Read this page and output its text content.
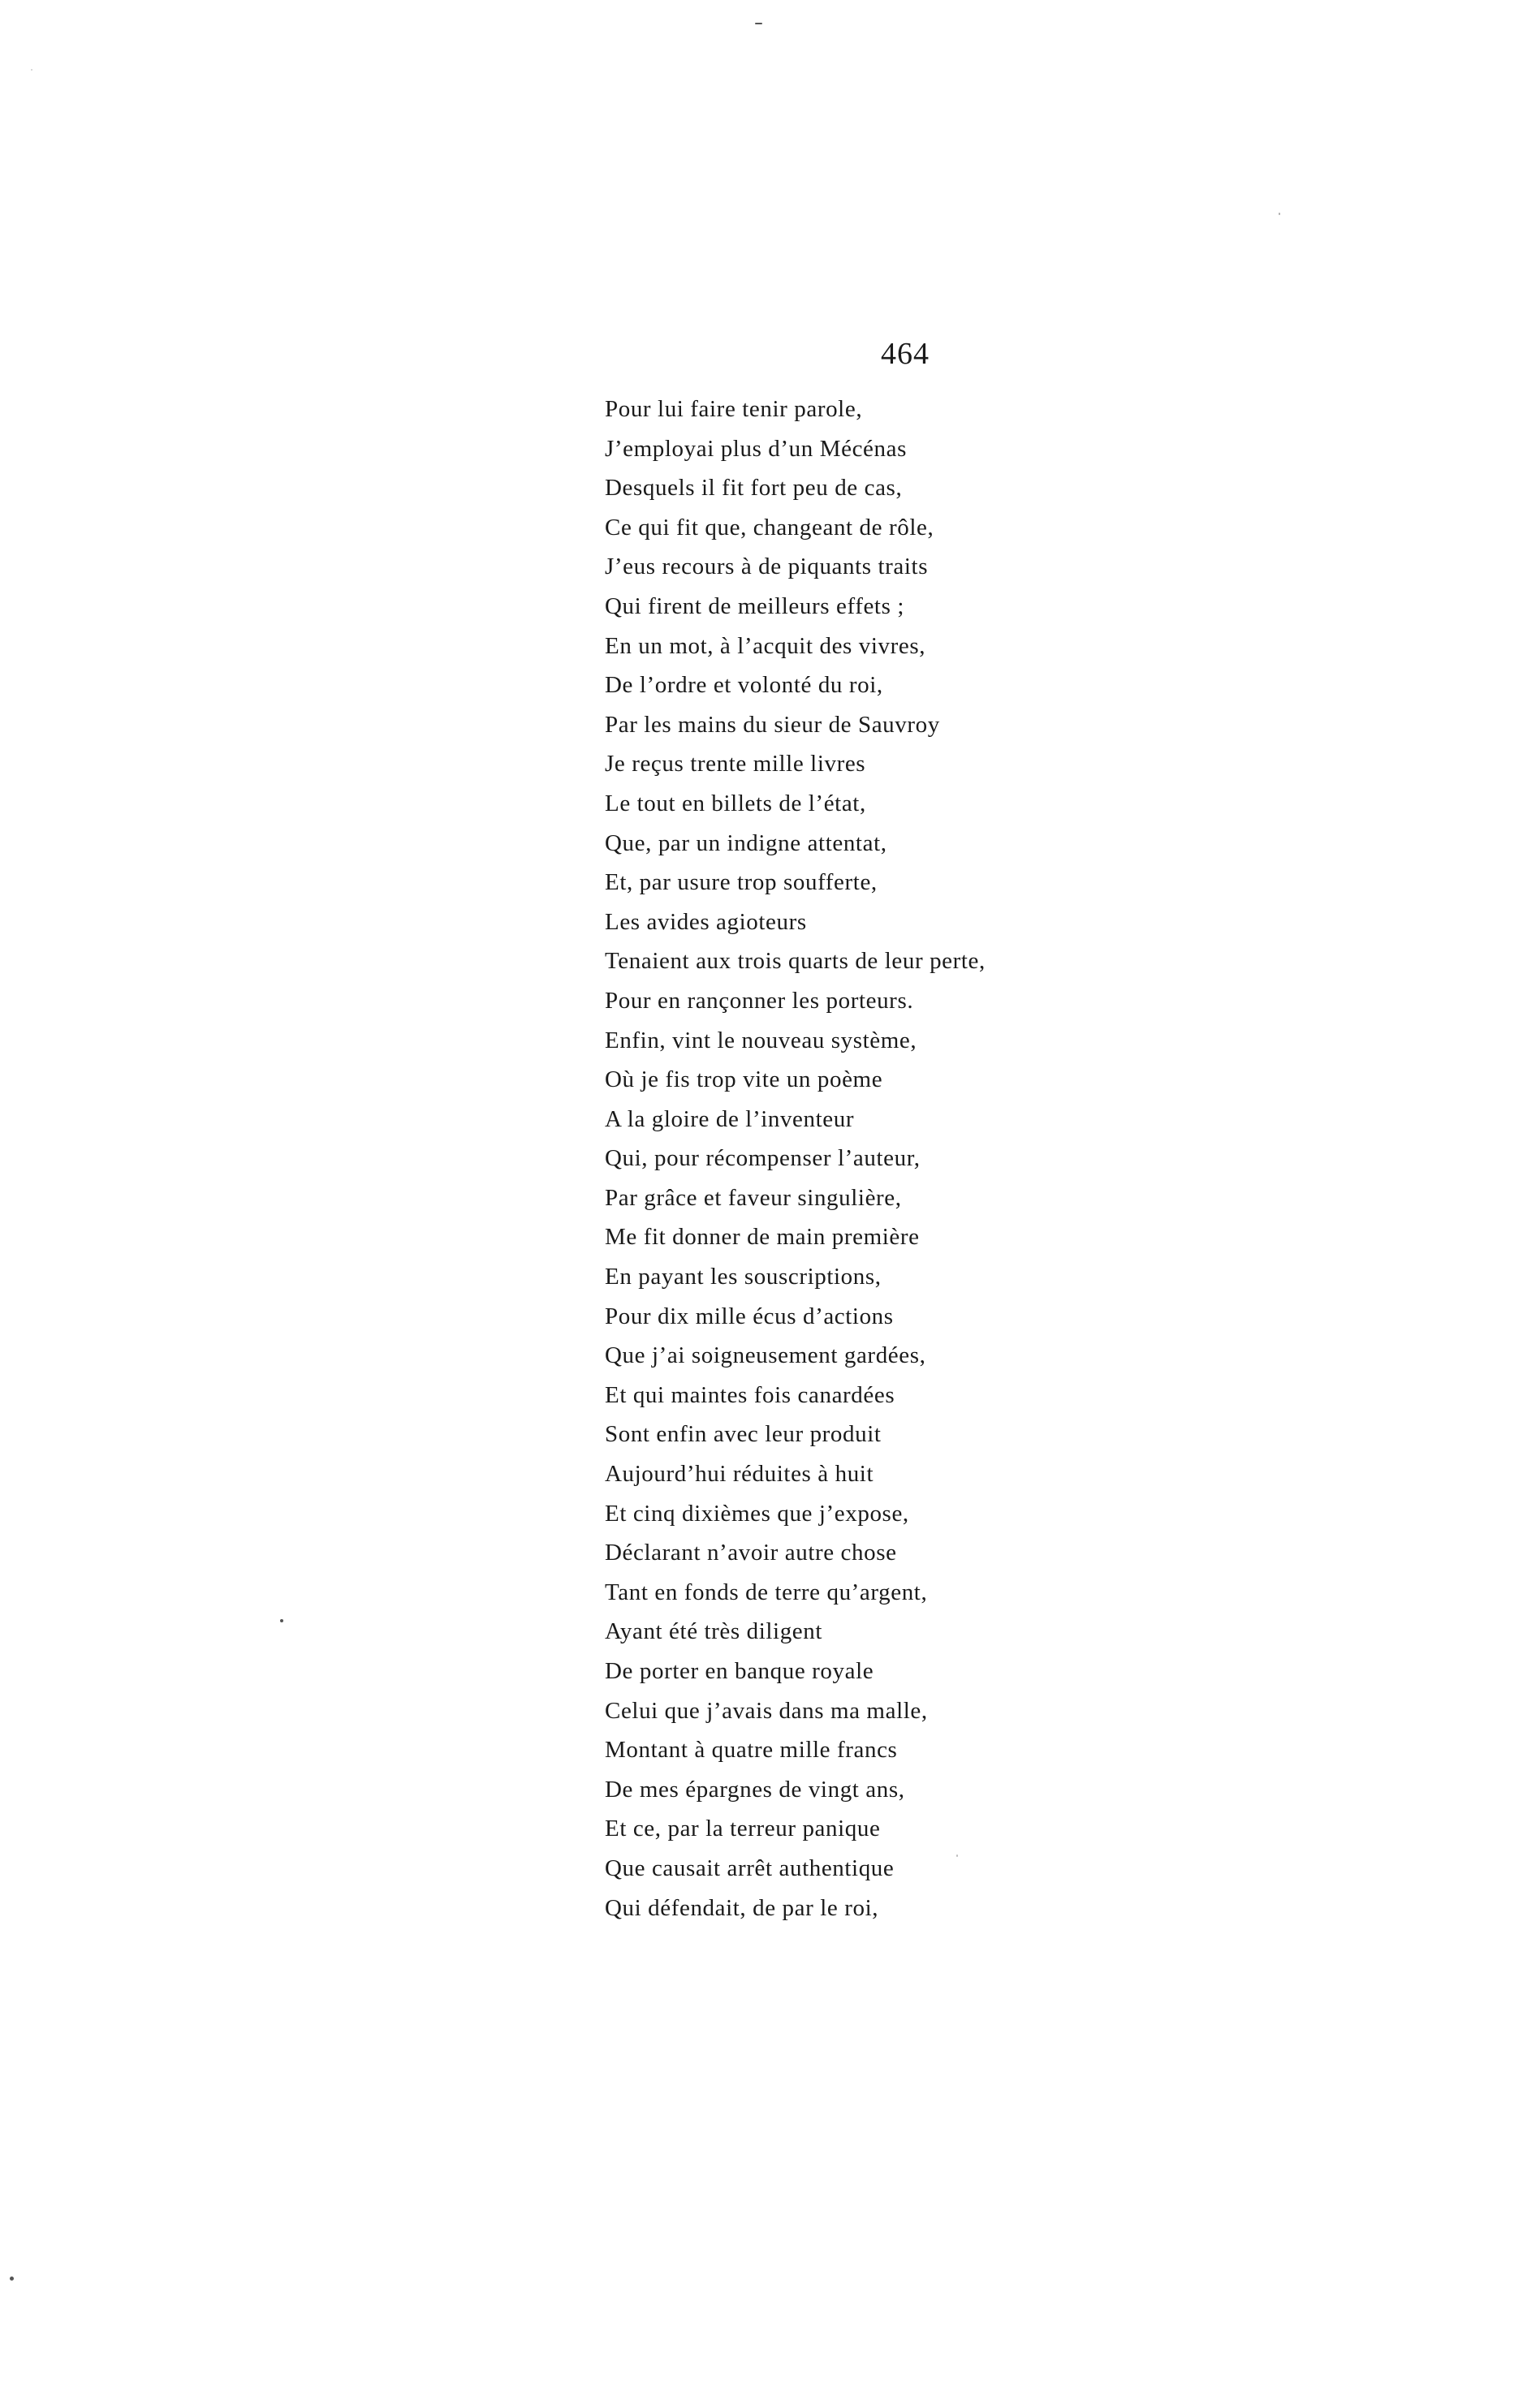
464
Pour lui faire tenir parole,
J’employai plus d’un Mécénas
Desquels il fit fort peu de cas,
Ce qui fit que, changeant de rôle,
J’eus recours à de piquants traits
Qui firent de meilleurs effets ;
En un mot, à l’acquit des vivres,
De l’ordre et volonté du roi,
Par les mains du sieur de Sauvroy
Je reçus trente mille livres
Le tout en billets de l’état,
Que, par un indigne attentat,
Et, par usure trop soufferte,
Les avides agioteurs
Tenaient aux trois quarts de leur perte,
Pour en rançonner les porteurs.
Enfin, vint le nouveau système,
Où je fis trop vite un poème
A la gloire de l’inventeur
Qui, pour récompenser l’auteur,
Par grâce et faveur singulière,
Me fit donner de main première
En payant les souscriptions,
Pour dix mille écus d’actions
Que j’ai soigneusement gardées,
Et qui maintes fois canardées
Sont enfin avec leur produit
Aujourd’hui réduites à huit
Et cinq dixièmes que j’expose,
Déclarant n’avoir autre chose
Tant en fonds de terre qu’argent,
Ayant été très diligent
De porter en banque royale
Celui que j’avais dans ma malle,
Montant à quatre mille francs
De mes épargnes de vingt ans,
Et ce, par la terreur panique
Que causait arrêt authentique
Qui défendait, de par le roi,
